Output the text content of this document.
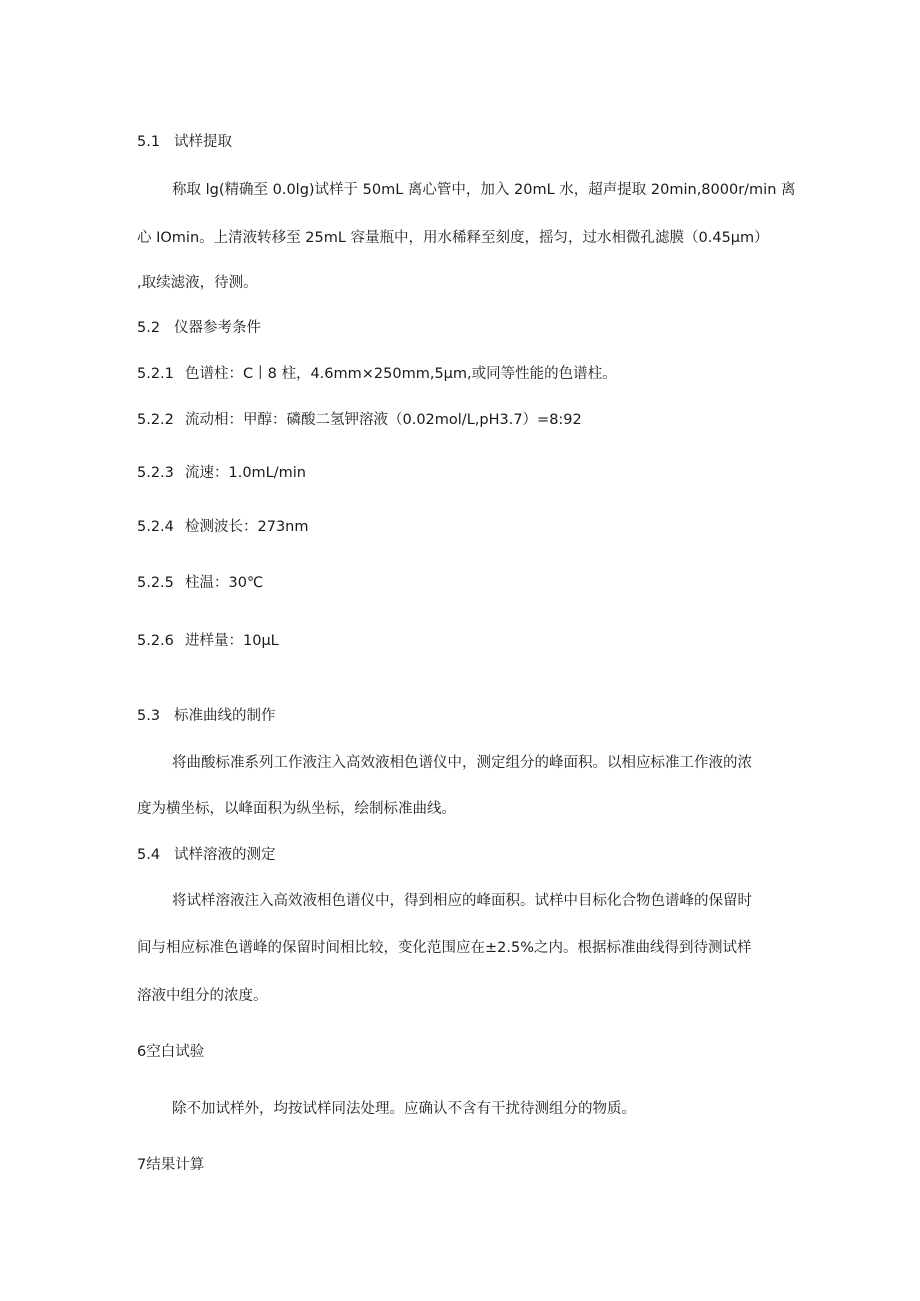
5.1 试样提取
称取 lg(精确至 0.0lg)试样于 50mL 离心管中，加入 20mL 水，超声提取 20min,8000r/min 离
心 IOmin。上清液转移至 25mL 容量瓶中，用水稀释至刻度，摇匀，过水相微孔滤膜（0.45μm）
,取续滤液，待测。
5.2 仪器参考条件
5.2.1 色谱柱：C丨8 柱，4.6mm×250mm,5μm,或同等性能的色谱柱。
5.2.2 流动相：甲醇：磷酸二氢钾溶液（0.02mol/L,pH3.7）=8:92
5.2.3 流速：1.0mL/min
5.2.4 检测波长：273nm
5.2.5 柱温：30℃
5.2.6 进样量：10μL
5.3 标准曲线的制作
将曲酸标准系列工作液注入高效液相色谱仪中，测定组分的峰面积。以相应标准工作液的浓
度为横坐标，以峰面积为纵坐标，绘制标准曲线。
5.4 试样溶液的测定
将试样溶液注入高效液相色谱仪中，得到相应的峰面积。试样中目标化合物色谱峰的保留时
间与相应标准色谱峰的保留时间相比较，变化范围应在±2.5%之内。根据标准曲线得到待测试样
溶液中组分的浓度。
6空白试验
除不加试样外，均按试样同法处理。应确认不含有干扰待测组分的物质。
7结果计算
